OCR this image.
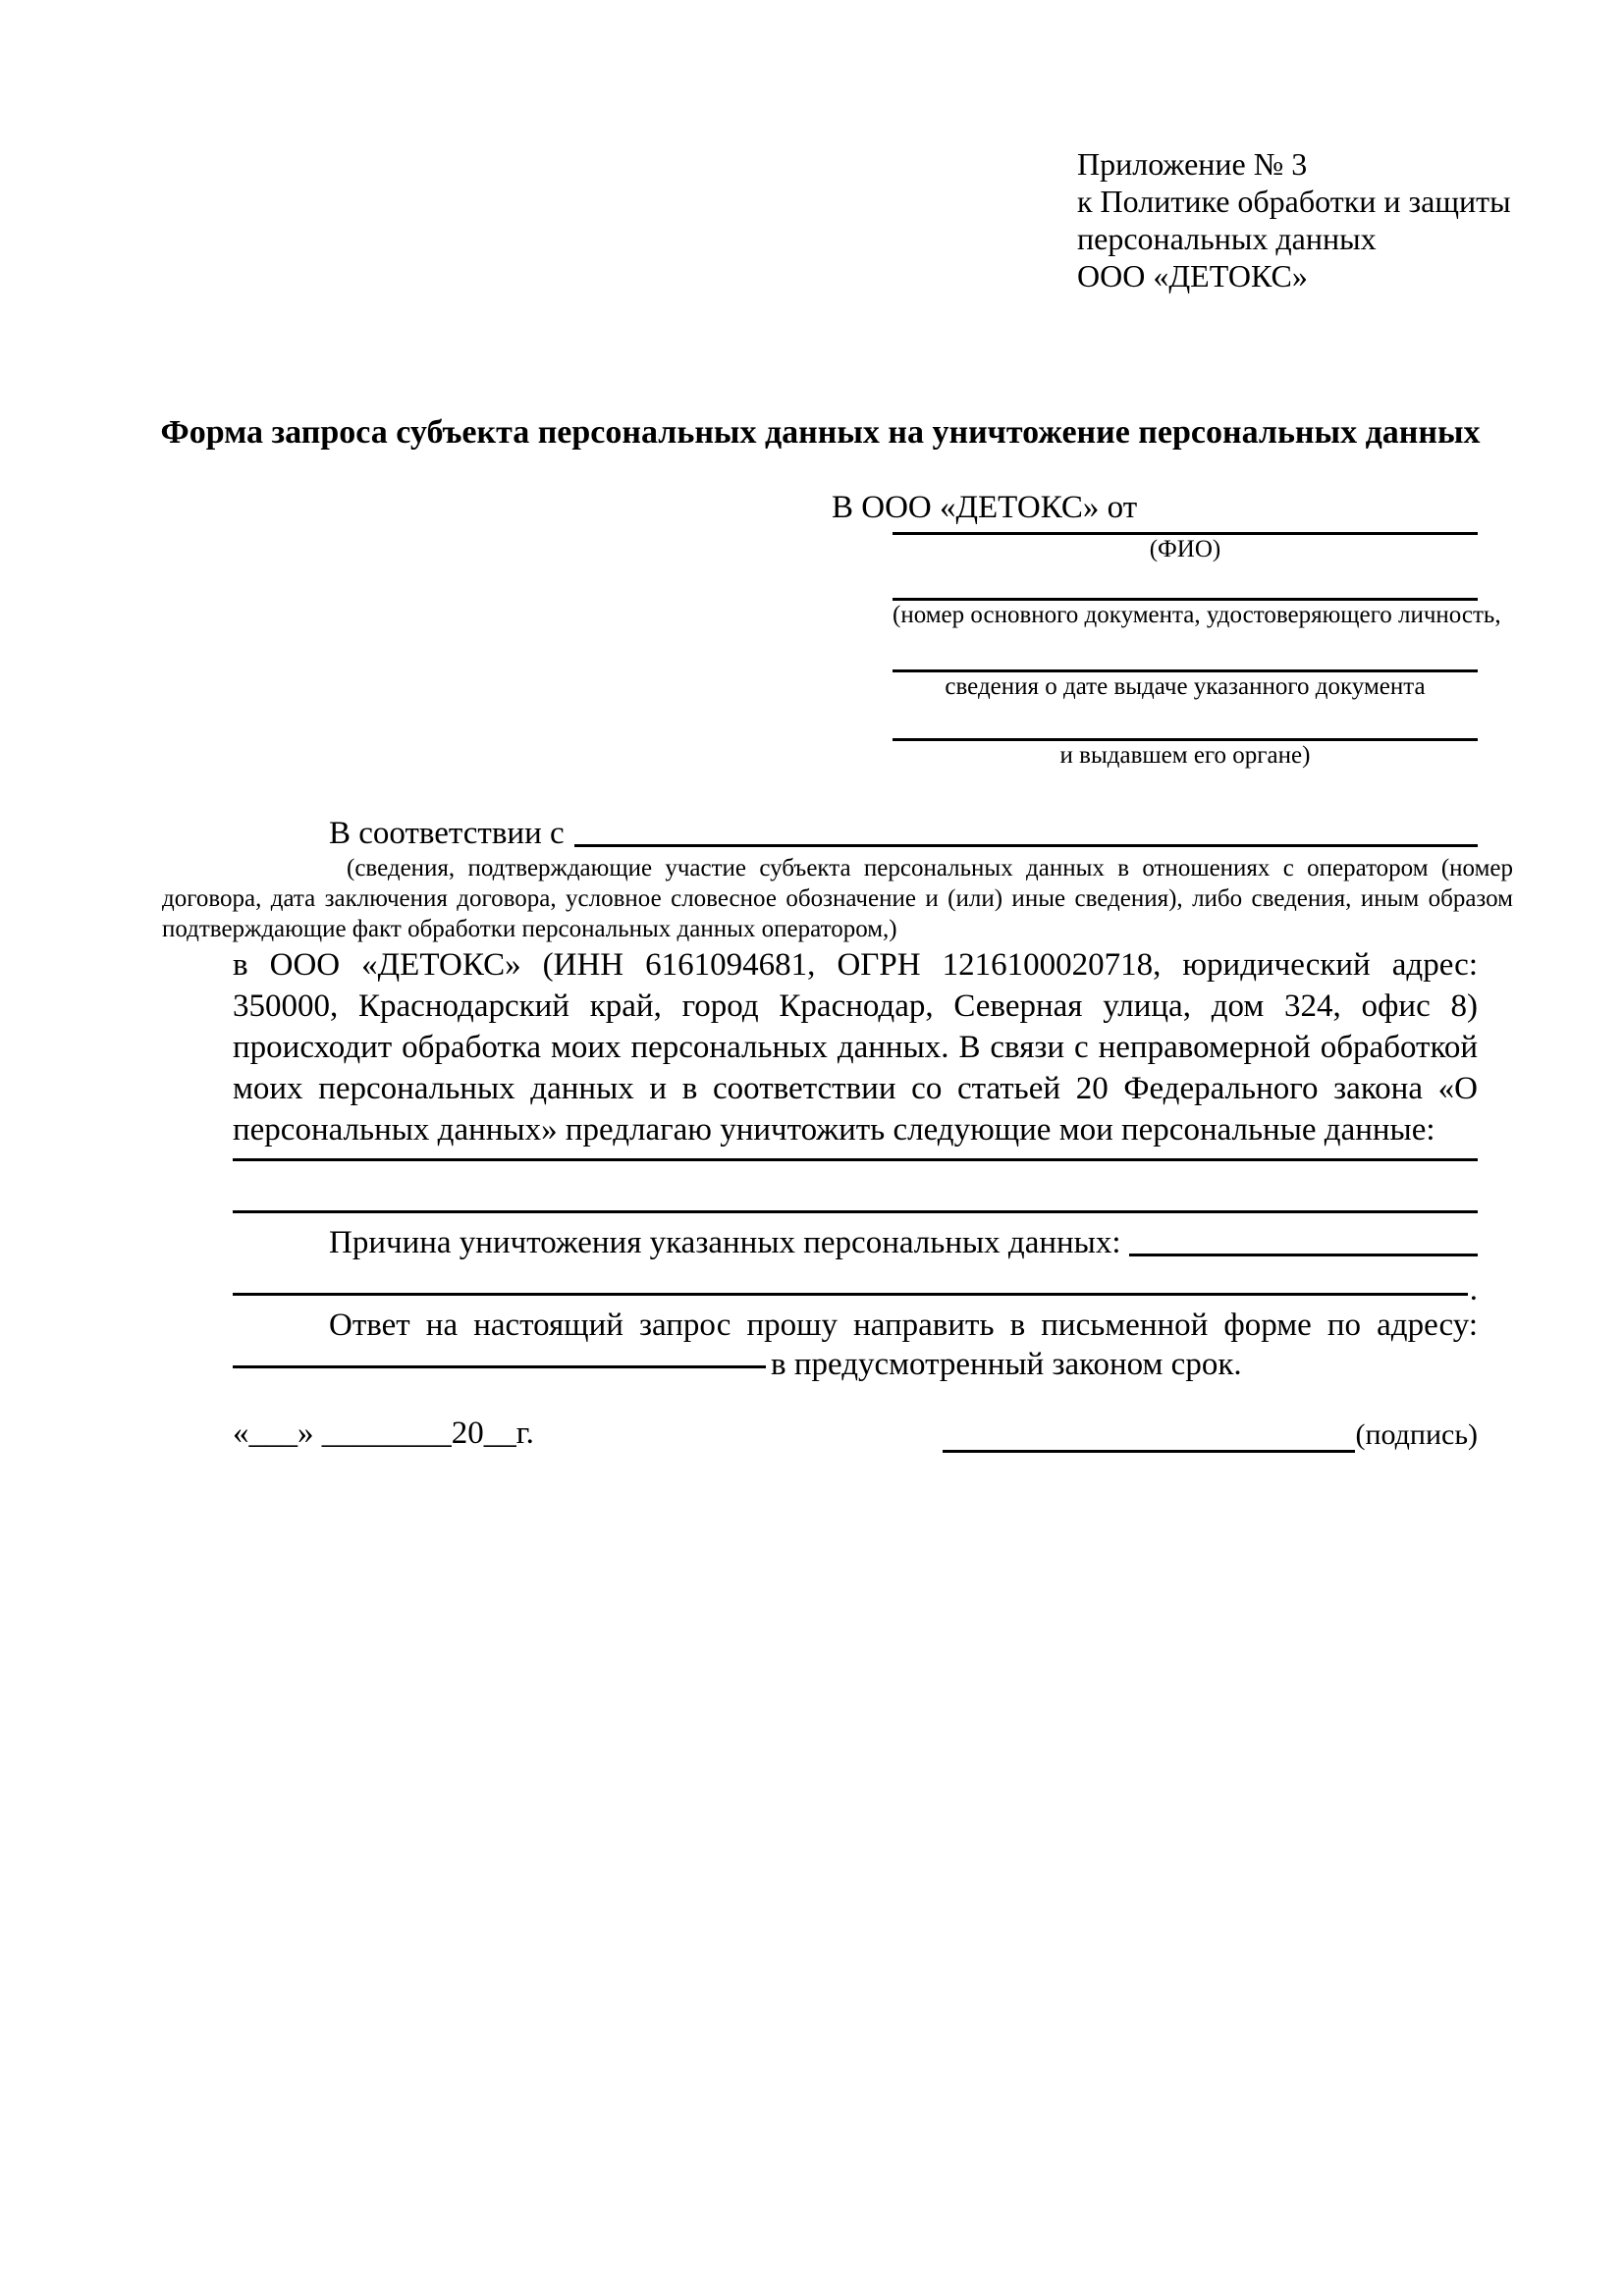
Приложение № 3
к Политике обработки и защиты
персональных данных
ООО «ДЕТОКС»
Форма запроса субъекта персональных данных на уничтожение персональных данных
В ООО «ДЕТОКС» от
(ФИО)
(номер основного документа, удостоверяющего личность,
сведения о дате выдаче указанного документа
и выдавшем его органе)
В соответствии с
(сведения, подтверждающие участие субъекта персональных данных в отношениях с оператором (номер договора, дата заключения договора, условное словесное обозначение и (или) иные сведения), либо сведения, иным образом подтверждающие факт обработки персональных данных оператором,)

в ООО «ДЕТОКС» (ИНН 6161094681, ОГРН 1216100020718, юридический адрес: 350000, Краснодарский край, город Краснодар, Северная улица, дом 324, офис 8) происходит обработка моих персональных данных. В связи с неправомерной обработкой моих персональных данных и в соответствии со статьей 20 Федерального закона «О персональных данных» предлагаю уничтожить следующие мои персональные данные:

Причина уничтожения указанных персональных данных:
.

Ответ на настоящий запрос прошу направить в письменной форме по адресу:

в предусмотренный законом срок.
«___» ________20__г.	(подпись)
